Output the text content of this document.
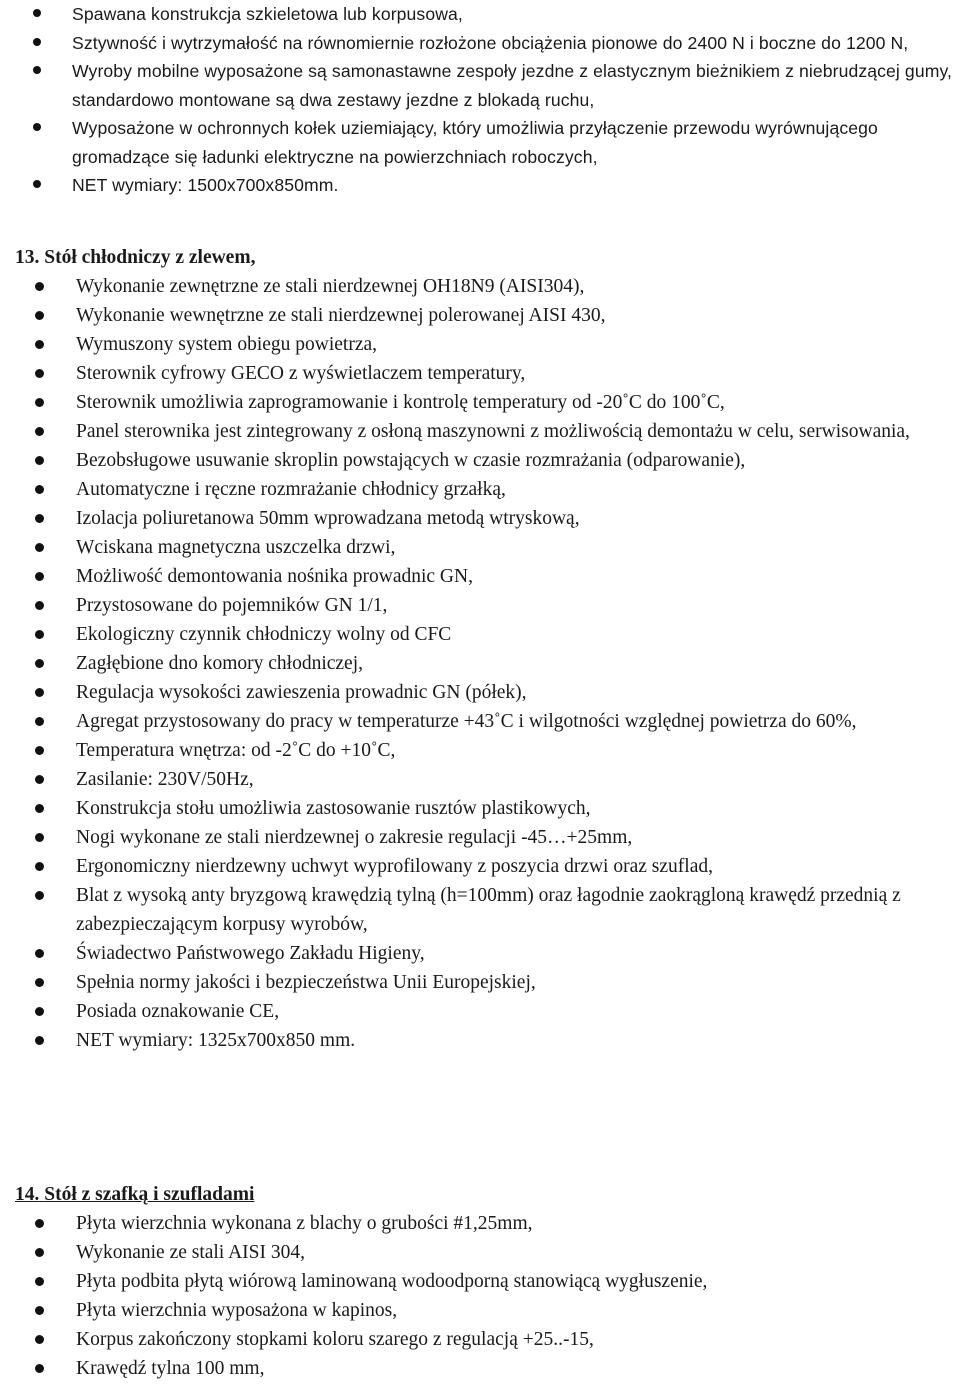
Spawana konstrukcja szkieletowa lub korpusowa,
Sztywność i wytrzymałość na równomiernie rozłożone obciążenia pionowe do 2400 N i boczne do 1200 N,
Wyroby mobilne wyposażone są samonastawne zespoły jezdne z elastycznym bieżnikiem z niebrudzącej gumy, standardowo montowane są dwa zestawy jezdne z blokadą ruchu,
Wyposażone w ochronnych kołek uziemiający, który umożliwia przyłączenie przewodu wyrównującego gromadzące się ładunki elektryczne na powierzchniach roboczych,
NET wymiary: 1500x700x850mm.
13. Stół chłodniczy z zlewem,
Wykonanie zewnętrzne ze stali nierdzewnej OH18N9 (AISI304),
Wykonanie wewnętrzne ze stali nierdzewnej polerowanej AISI 430,
Wymuszony system obiegu powietrza,
Sterownik cyfrowy GECO z wyświetlaczem temperatury,
Sterownik umożliwia zaprogramowanie i kontrolę temperatury od -20˚C do 100˚C,
Panel sterownika jest zintegrowany z osłoną maszynowni z możliwością demontażu w celu, serwisowania,
Bezobsługowe usuwanie skroplin powstających w czasie rozmrażania (odparowanie),
Automatyczne i ręczne rozmrażanie chłodnicy grzałką,
Izolacja poliuretanowa 50mm wprowadzana metodą wtryskową,
Wciskana magnetyczna uszczelka drzwi,
Możliwość demontowania nośnika prowadnic GN,
Przystosowane do pojemników GN 1/1,
Ekologiczny czynnik chłodniczy wolny od CFC
Zagłębione dno komory chłodniczej,
Regulacja wysokości zawieszenia prowadnic GN (półek),
Agregat przystosowany do pracy w temperaturze +43˚C i wilgotności względnej powietrza do 60%,
Temperatura wnętrza: od -2˚C do +10˚C,
Zasilanie: 230V/50Hz,
Konstrukcja stołu umożliwia zastosowanie rusztów plastikowych,
Nogi wykonane ze stali nierdzewnej o zakresie regulacji -45…+25mm,
Ergonomiczny nierdzewny uchwyt wyprofilowany z poszycia drzwi oraz szuflad,
Blat z wysoką anty bryzgową krawędzią tylną (h=100mm) oraz łagodnie zaokrągloną krawędź przednią z zabezpieczającym korpusy wyrobów,
Świadectwo Państwowego Zakładu Higieny,
Spełnia normy jakości i bezpieczeństwa Unii Europejskiej,
Posiada oznakowanie CE,
NET wymiary: 1325x700x850 mm.
14. Stół z szafką i szufladami
Płyta wierzchnia wykonana z blachy o grubości #1,25mm,
Wykonanie ze stali AISI 304,
Płyta podbita płytą wiórową laminowaną wodoodporną stanowiącą wygłuszenie,
Płyta wierzchnia wyposażona w kapinos,
Korpus zakończony stopkami koloru szarego z regulacją +25..-15,
Krawędź tylna 100 mm,
